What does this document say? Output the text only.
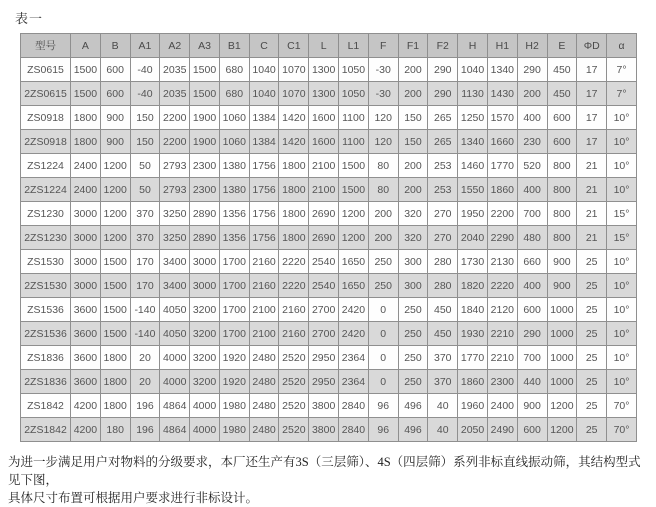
表一
型号	A	B	A1	A2	A3	B1	C	C1	L	L1	F	F1	F2	H	H1	H2	E	ΦD	α
ZS0615	1500	600	-40	2035	1500	680	1040	1070	1300	1050	-30	200	290	1040	1340	290	450	17	7°
2ZS0615	1500	600	-40	2035	1500	680	1040	1070	1300	1050	-30	200	290	1130	1430	200	450	17	7°
ZS0918	1800	900	150	2200	1900	1060	1384	1420	1600	1100	120	150	265	1250	1570	400	600	17	10°
2ZS0918	1800	900	150	2200	1900	1060	1384	1420	1600	1100	120	150	265	1340	1660	230	600	17	10°
ZS1224	2400	1200	50	2793	2300	1380	1756	1800	2100	1500	80	200	253	1460	1770	520	800	21	10°
2ZS1224	2400	1200	50	2793	2300	1380	1756	1800	2100	1500	80	200	253	1550	1860	400	800	21	10°
ZS1230	3000	1200	370	3250	2890	1356	1756	1800	2690	1200	200	320	270	1950	2200	700	800	21	15°
2ZS1230	3000	1200	370	3250	2890	1356	1756	1800	2690	1200	200	320	270	2040	2290	480	800	21	15°
ZS1530	3000	1500	170	3400	3000	1700	2160	2220	2540	1650	250	300	280	1730	2130	660	900	25	10°
2ZS1530	3000	1500	170	3400	3000	1700	2160	2220	2540	1650	250	300	280	1820	2220	400	900	25	10°
ZS1536	3600	1500	-140	4050	3200	1700	2100	2160	2700	2420	0	250	450	1840	2120	600	1000	25	10°
2ZS1536	3600	1500	-140	4050	3200	1700	2100	2160	2700	2420	0	250	450	1930	2210	290	1000	25	10°
ZS1836	3600	1800	20	4000	3200	1920	2480	2520	2950	2364	0	250	370	1770	2210	700	1000	25	10°
2ZS1836	3600	1800	20	4000	3200	1920	2480	2520	2950	2364	0	250	370	1860	2300	440	1000	25	10°
ZS1842	4200	1800	196	4864	4000	1980	2480	2520	3800	2840	96	496	40	1960	2400	900	1200	25	70°
2ZS1842	4200	180	196	4864	4000	1980	2480	2520	3800	2840	96	496	40	2050	2490	600	1200	25	70°
为进一步满足用户对物料的分级要求，本厂还生产有3S（三层筛）、4S（四层筛）系列非标直线振动筛，其结构型式见下图，
具体尺寸布置可根据用户要求进行非标设计。
